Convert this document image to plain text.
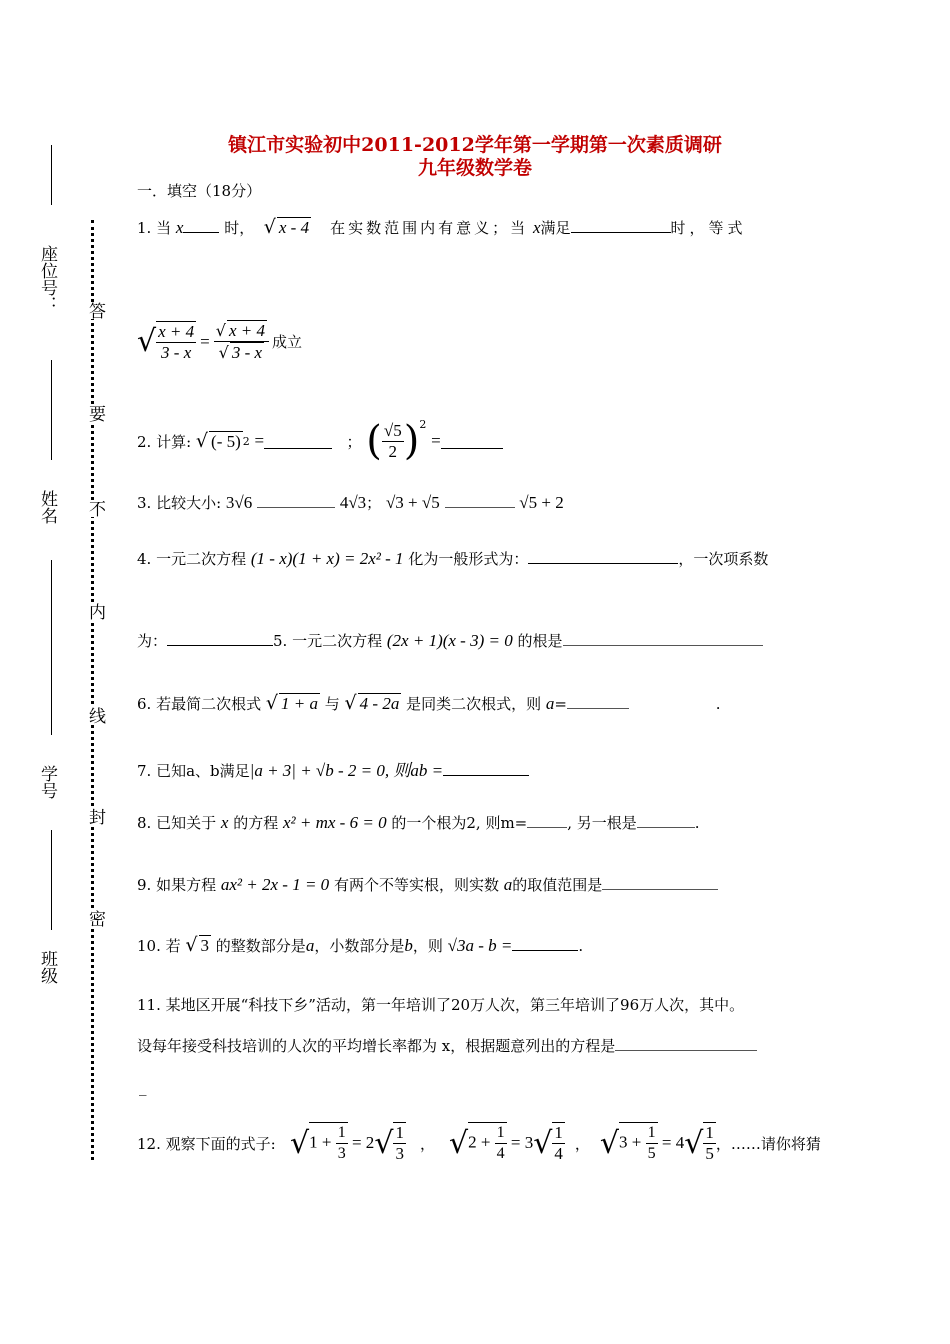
镇江市实验初中2011-2012学年第一学期第一次素质调研
九年级数学卷
座位号：
姓名
学号
班级
答
要
不
内
线
封
密
一．填空（18分）
1. 当 x	时， √ x - 4 在实数范围内有意义；当 x满足	时，等式
√ $\frac{x + 4}{3 - x} = \frac{√ x + 4}{√ 3 - x}$ 成立
2. 计算:
√ (- 5) 2
=
	；
( $\frac{√5}{2}$ ) 2

=
3. 比较大小: 3√6	4√3； √3 + √5	√5 + 2
4. 一元二次方程 (1 - x)(1 + x) = 2x² - 1 化为一般形式为：	，一次项系数
为：	5. 一元二次方程 (2x + 1)(x - 3) = 0 的根是
6. 若最简二次根式 √ 1 + a 与 √ 4 - 2a 是同类二次根式，则 a=	.
7. 已知a、b满足|a + 3| + √b - 2 = 0, 则ab =
8. 已知关于 x 的方程 x² + mx - 6 = 0 的一个根为2, 则m=	, 另一根是	.
9. 如果方程 ax² + 2x - 1 = 0 有两个不等实根，则实数 a的取值范围是
10. 若 √ 3 的整数部分是a，小数部分是b，则 √3a - b =	.
11. 某地区开展“科技下乡”活动，第一年培训了20万人次，第三年培训了96万人次，其中。
设每年接受科技培训的人次的平均增长率都为 x，根据题意列出的方程是
_
12. 观察下面的式子:
√ $1 + \frac{1}{3} = 2$ √ $\frac{1}{3}$ ， √ $2 + \frac{1}{4} = 3$ √ $\frac{1}{4}$ ， √ $3 + \frac{1}{5} = 4$ √ $\frac{1}{5}$ ，……请你将猜
